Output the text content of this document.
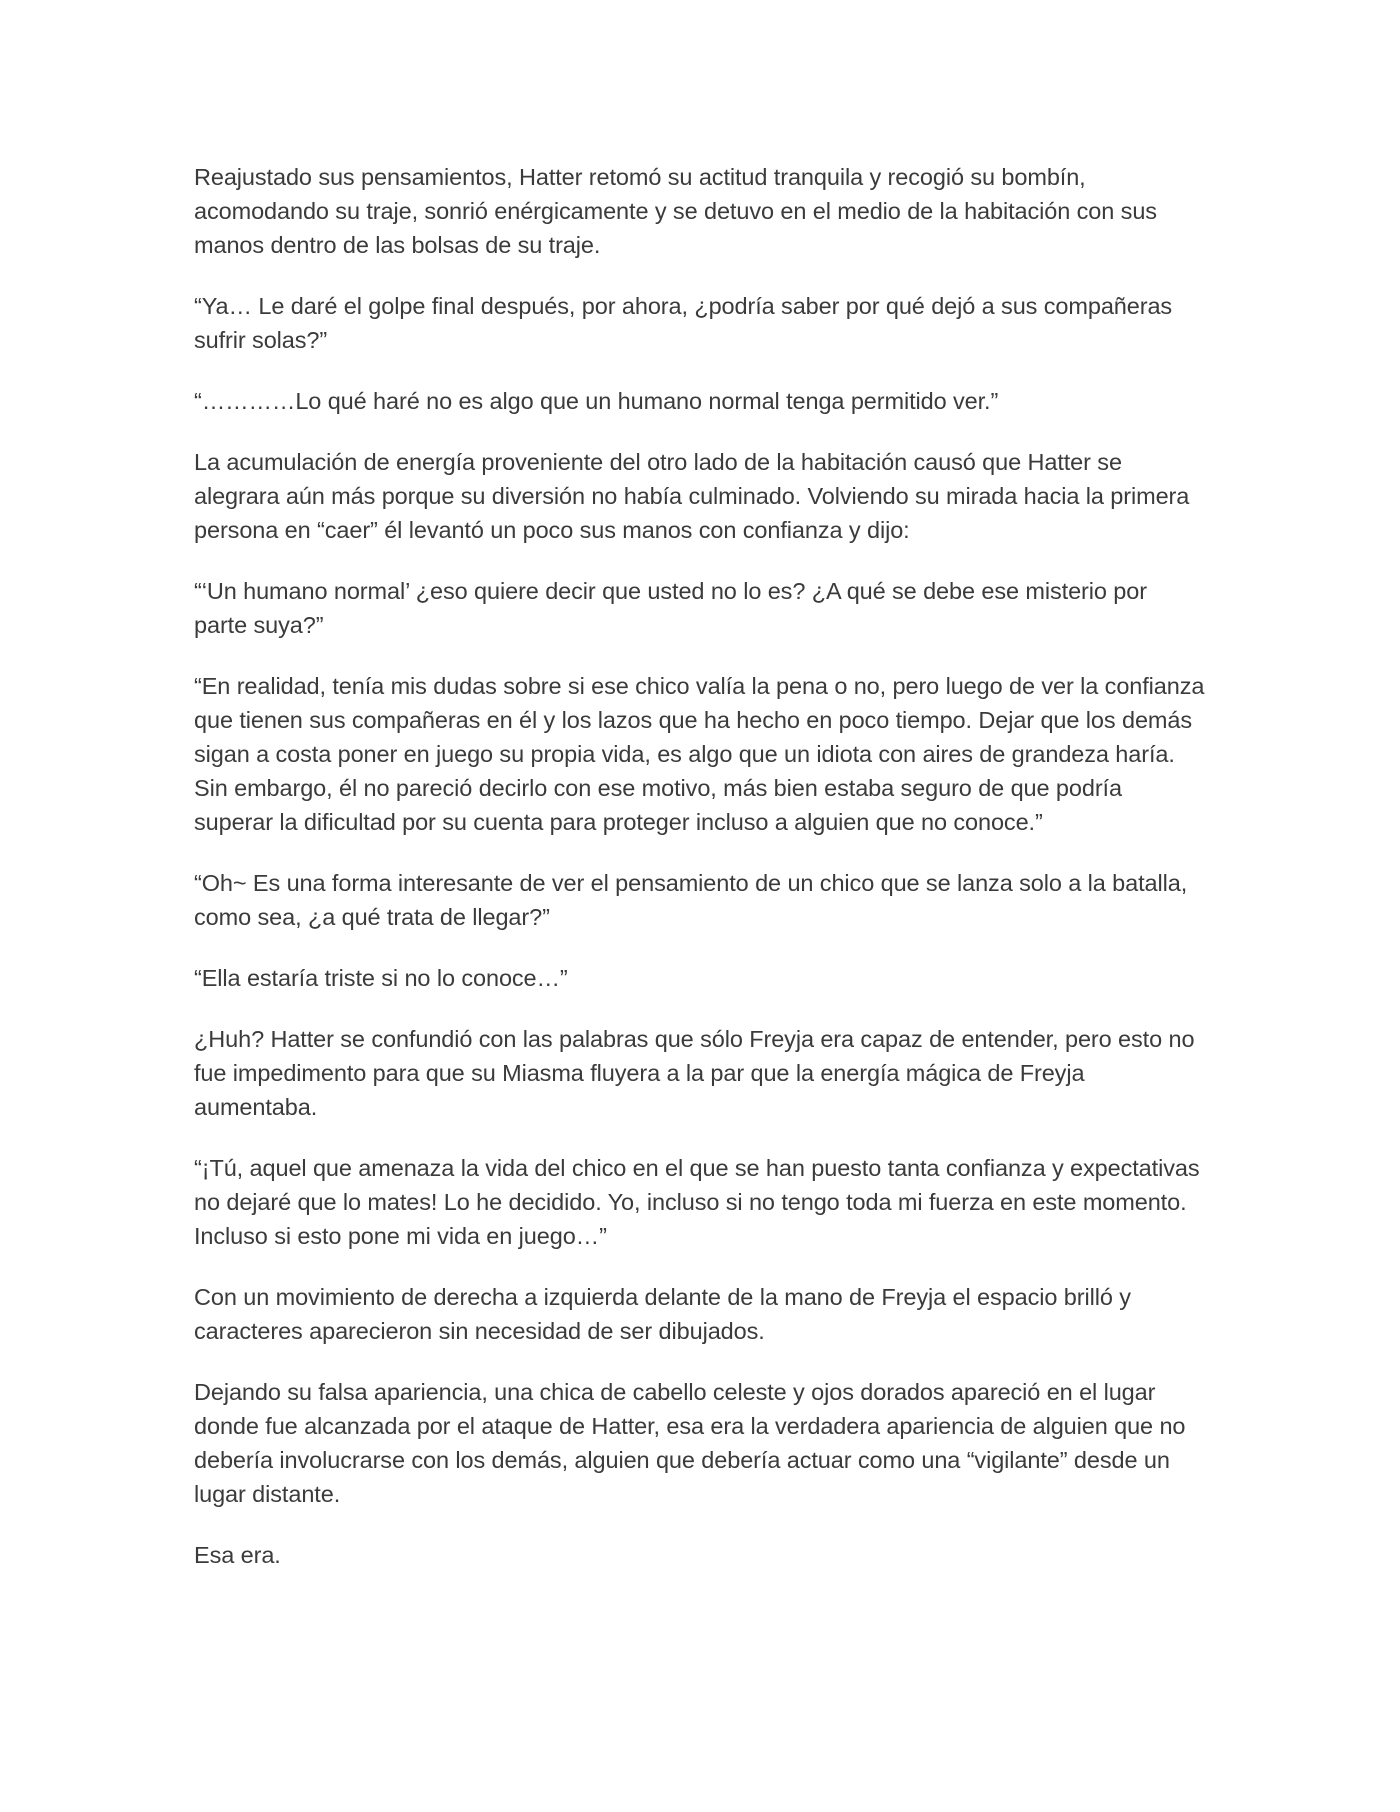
Reajustado sus pensamientos, Hatter retomó su actitud tranquila y recogió su bombín, acomodando su traje, sonrió enérgicamente y se detuvo en el medio de la habitación con sus manos dentro de las bolsas de su traje.

“Ya… Le daré el golpe final después, por ahora, ¿podría saber por qué dejó a sus compañeras sufrir solas?”

“…………Lo qué haré no es algo que un humano normal tenga permitido ver.”

La acumulación de energía proveniente del otro lado de la habitación causó que Hatter se alegrara aún más porque su diversión no había culminado. Volviendo su mirada hacia la primera persona en “caer” él levantó un poco sus manos con confianza y dijo:

“‘Un humano normal’ ¿eso quiere decir que usted no lo es? ¿A qué se debe ese misterio por parte suya?”

“En realidad, tenía mis dudas sobre si ese chico valía la pena o no, pero luego de ver la confianza que tienen sus compañeras en él y los lazos que ha hecho en poco tiempo. Dejar que los demás sigan a costa poner en juego su propia vida, es algo que un idiota con aires de grandeza haría. Sin embargo, él no pareció decirlo con ese motivo, más bien estaba seguro de que podría superar la dificultad por su cuenta para proteger incluso a alguien que no conoce.”

“Oh~ Es una forma interesante de ver el pensamiento de un chico que se lanza solo a la batalla, como sea, ¿a qué trata de llegar?”

“Ella estaría triste si no lo conoce…”

¿Huh? Hatter se confundió con las palabras que sólo Freyja era capaz de entender, pero esto no fue impedimento para que su Miasma fluyera a la par que la energía mágica de Freyja aumentaba.

“¡Tú, aquel que amenaza la vida del chico en el que se han puesto tanta confianza y expectativas no dejaré que lo mates! Lo he decidido. Yo, incluso si no tengo toda mi fuerza en este momento. Incluso si esto pone mi vida en juego…”

Con un movimiento de derecha a izquierda delante de la mano de Freyja el espacio brilló y caracteres aparecieron sin necesidad de ser dibujados.

Dejando su falsa apariencia, una chica de cabello celeste y ojos dorados apareció en el lugar donde fue alcanzada por el ataque de Hatter, esa era la verdadera apariencia de alguien que no debería involucrarse con los demás, alguien que debería actuar como una “vigilante” desde un lugar distante.

Esa era.
